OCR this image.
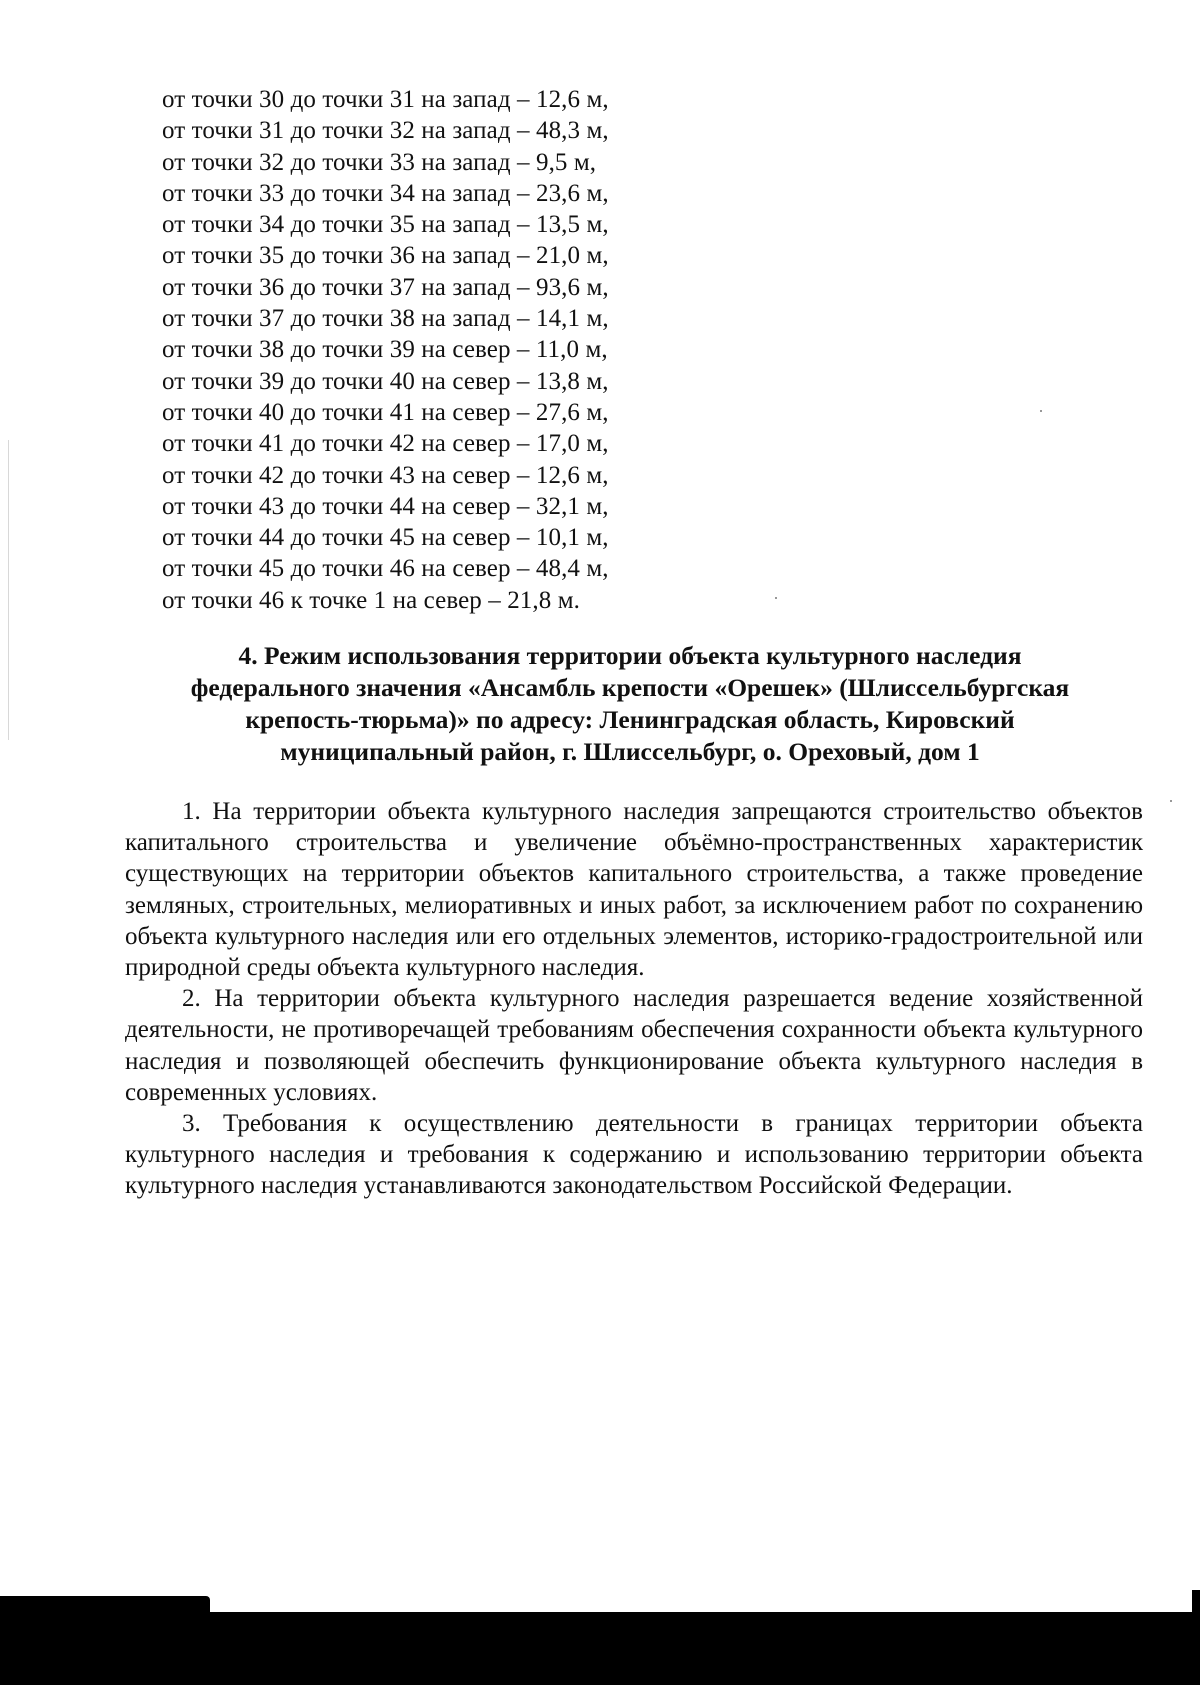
от точки 30 до точки 31 на запад – 12,6 м,
от точки 31 до точки 32 на запад – 48,3 м,
от точки 32 до точки 33 на запад – 9,5 м,
от точки 33 до точки 34 на запад – 23,6 м,
от точки 34 до точки 35 на запад – 13,5 м,
от точки 35 до точки 36 на запад – 21,0 м,
от точки 36 до точки 37 на запад – 93,6 м,
от точки 37 до точки 38 на запад – 14,1 м,
от точки 38 до точки 39 на север – 11,0 м,
от точки 39 до точки 40 на север – 13,8 м,
от точки 40 до точки 41 на север – 27,6 м,
от точки 41 до точки 42 на север – 17,0 м,
от точки 42 до точки 43 на север – 12,6 м,
от точки 43 до точки 44 на север – 32,1 м,
от точки 44 до точки 45 на север – 10,1 м,
от точки 45 до точки 46 на север – 48,4 м,
от точки 46 к точке 1 на север – 21,8 м.
4. Режим использования территории объекта культурного наследия
федерального значения «Ансамбль крепости «Орешек» (Шлиссельбургская
крепость-тюрьма)» по адресу: Ленинградская область, Кировский
муниципальный район, г. Шлиссельбург, о. Ореховый, дом 1

1. На территории объекта культурного наследия запрещаются строительство объектов капитального строительства и увеличение объёмно-пространственных характеристик существующих на территории объектов капитального строительства, а также проведение земляных, строительных, мелиоративных и иных работ, за исключением работ по сохранению объекта культурного наследия или его отдельных элементов, историко-градостроительной или природной среды объекта культурного наследия.

2. На территории объекта культурного наследия разрешается ведение хозяйственной деятельности, не противоречащей требованиям обеспечения сохранности объекта культурного наследия и позволяющей обеспечить функционирование объекта культурного наследия в современных условиях.

3. Требования к осуществлению деятельности в границах территории объекта культурного наследия и требования к содержанию и использованию территории объекта культурного наследия устанавливаются законодательством Российской Федерации.
